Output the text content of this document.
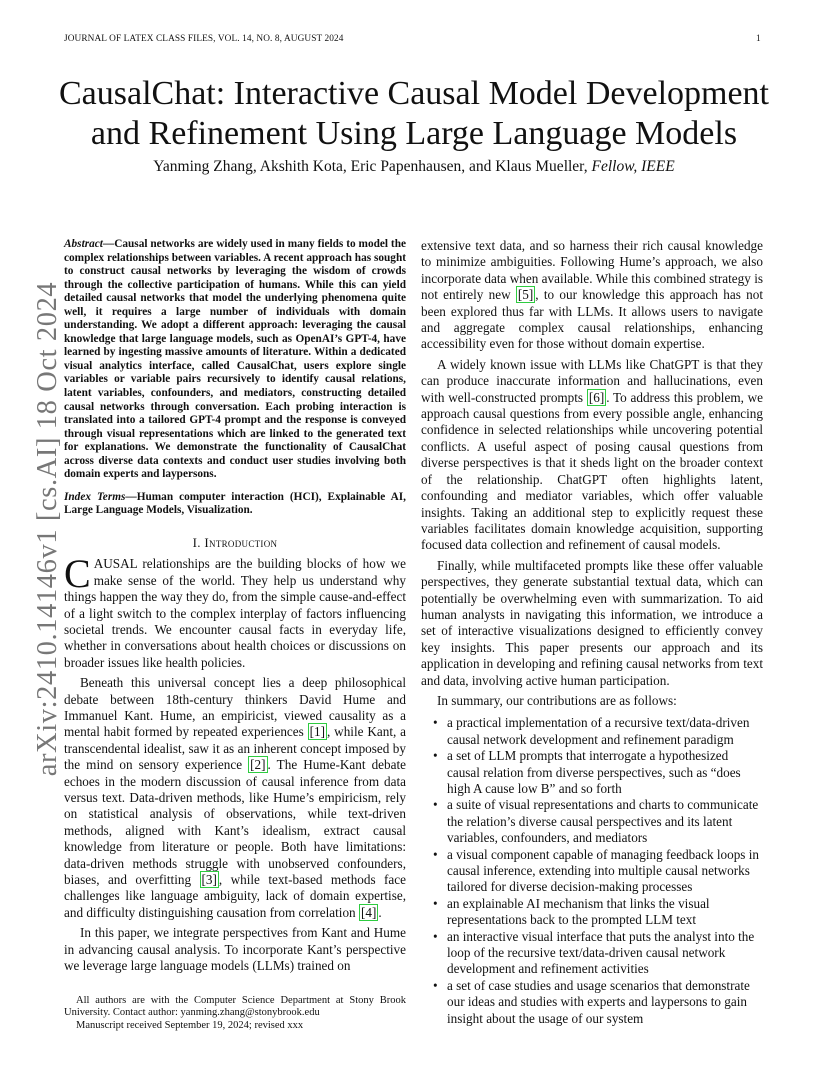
JOURNAL OF LATEX CLASS FILES, VOL. 14, NO. 8, AUGUST 2024	1
CausalChat: Interactive Causal Model Development
and Refinement Using Large Language Models
Yanming Zhang, Akshith Kota, Eric Papenhausen, and Klaus Mueller, Fellow, IEEE
arXiv:2410.14146v1 [cs.AI] 18 Oct 2024

Abstract—Causal networks are widely used in many fields to model the complex relationships between variables. A recent approach has sought to construct causal networks by leveraging the wisdom of crowds through the collective participation of humans. While this can yield detailed causal networks that model the underlying phenomena quite well, it requires a large number of individuals with domain understanding. We adopt a different approach: leveraging the causal knowledge that large language models, such as OpenAI’s GPT-4, have learned by ingesting massive amounts of literature. Within a dedicated visual analytics interface, called CausalChat, users explore single variables or variable pairs recursively to identify causal relations, latent variables, confounders, and mediators, constructing detailed causal networks through conversation. Each probing interaction is translated into a tailored GPT-4 prompt and the response is conveyed through visual representations which are linked to the generated text for explanations. We demonstrate the functionality of CausalChat across diverse data contexts and conduct user studies involving both domain experts and laypersons.

Index Terms—Human computer interaction (HCI), Explainable AI, Large Language Models, Visualization.

I. Introduction

CAUSAL relationships are the building blocks of how we make sense of the world. They help us understand why things happen the way they do, from the simple cause-and-effect of a light switch to the complex interplay of factors influencing societal trends. We encounter causal facts in everyday life, whether in conversations about health choices or discussions on broader issues like health policies.

Beneath this universal concept lies a deep philosophical debate between 18th-century thinkers David Hume and Immanuel Kant. Hume, an empiricist, viewed causality as a mental habit formed by repeated experiences [1] , while Kant, a transcendental idealist, saw it as an inherent concept imposed by the mind on sensory experience [2] . The Hume-Kant debate echoes in the modern discussion of causal inference from data versus text. Data-driven methods, like Hume’s empiricism, rely on statistical analysis of observations, while text-driven methods, aligned with Kant’s idealism, extract causal knowledge from literature or people. Both have limitations: data-driven methods struggle with unobserved confounders, biases, and overfitting [3] , while text-based methods face challenges like language ambiguity, lack of domain expertise, and difficulty distinguishing causation from correlation [4] .

In this paper, we integrate perspectives from Kant and Hume in advancing causal analysis. To incorporate Kant’s perspective we leverage large language models (LLMs) trained on

All authors are with the Computer Science Department at Stony Brook University. Contact author: yanming.zhang@stonybrook.edu

Manuscript received September 19, 2024; revised xxx

extensive text data, and so harness their rich causal knowledge to minimize ambiguities. Following Hume’s approach, we also incorporate data when available. While this combined strategy is not entirely new [5] , to our knowledge this approach has not been explored thus far with LLMs. It allows users to navigate and aggregate complex causal relationships, enhancing accessibility even for those without domain expertise.

A widely known issue with LLMs like ChatGPT is that they can produce inaccurate information and hallucinations, even with well-constructed prompts [6] . To address this problem, we approach causal questions from every possible angle, enhancing confidence in selected relationships while uncovering potential conflicts. A useful aspect of posing causal questions from diverse perspectives is that it sheds light on the broader context of the relationship. ChatGPT often highlights latent, confounding and mediator variables, which offer valuable insights. Taking an additional step to explicitly request these variables facilitates domain knowledge acquisition, supporting focused data collection and refinement of causal models.

Finally, while multifaceted prompts like these offer valuable perspectives, they generate substantial textual data, which can potentially be overwhelming even with summarization. To aid human analysts in navigating this information, we introduce a set of interactive visualizations designed to efficiently convey key insights. This paper presents our approach and its application in developing and refining causal networks from text and data, involving active human participation.

In summary, our contributions are as follows:

• a practical implementation of a recursive text/data-driven causal network development and refinement paradigm
• a set of LLM prompts that interrogate a hypothesized causal relation from diverse perspectives, such as “does high A cause low B” and so forth
• a suite of visual representations and charts to communicate the relation’s diverse causal perspectives and its latent variables, confounders, and mediators
• a visual component capable of managing feedback loops in causal inference, extending into multiple causal networks tailored for diverse decision-making processes
• an explainable AI mechanism that links the visual representations back to the prompted LLM text
• an interactive visual interface that puts the analyst into the loop of the recursive text/data-driven causal network development and refinement activities
• a set of case studies and usage scenarios that demonstrate our ideas and studies with experts and laypersons to gain insight about the usage of our system
